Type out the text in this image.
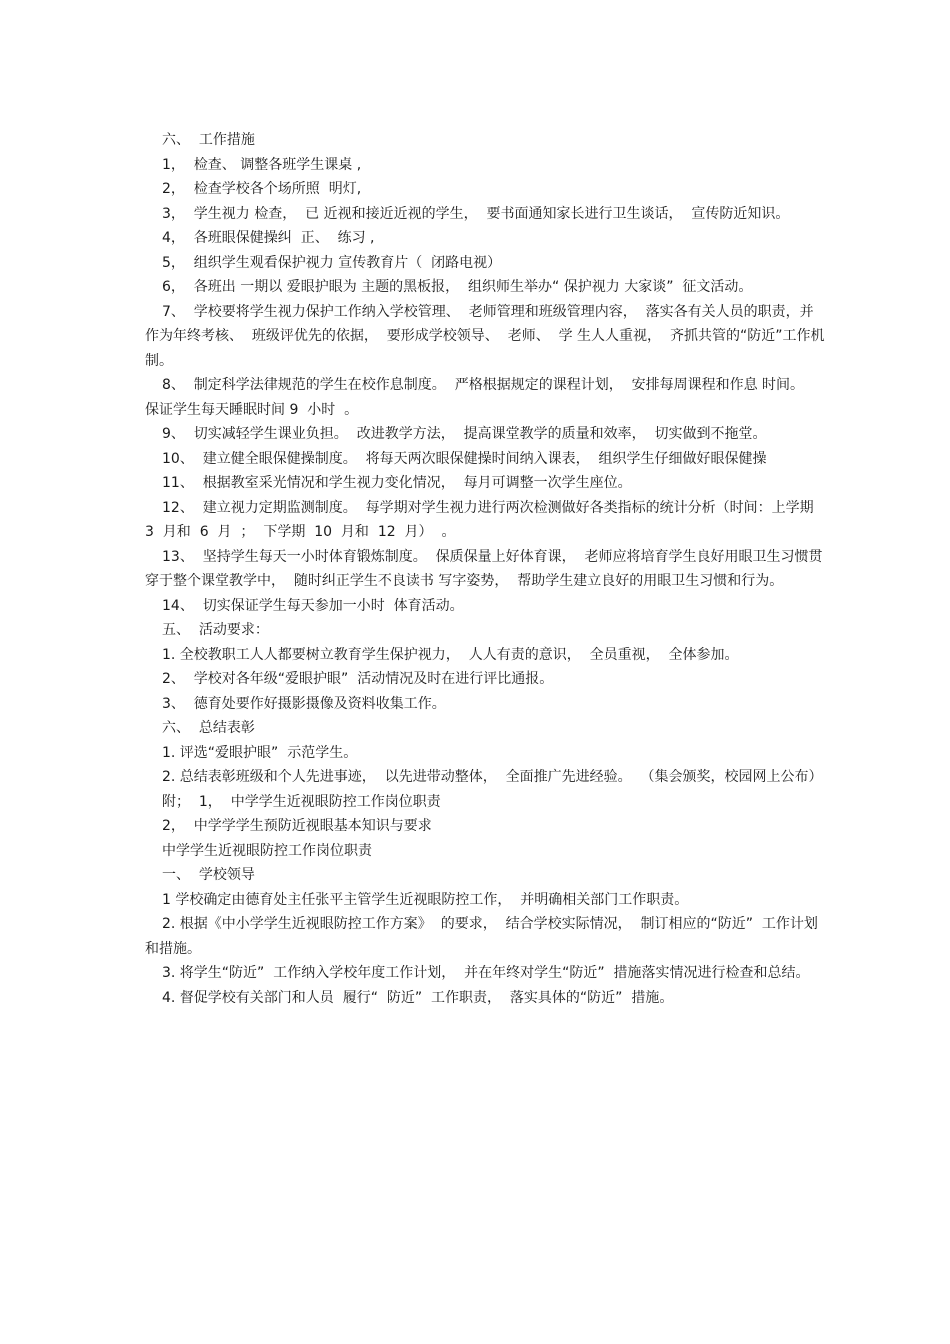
六、  工作措施

1，  检查、 调整各班学生课桌 ,

2，  检查学校各个场所照  明灯,

3，  学生视力 检查，  已 近视和接近近视的学生，  要书面通知家长进行卫生谈话，  宣传防近知识。

4，  各班眼保健操纠  正、  练习 ,

5，  组织学生观看保护视力 宣传教育片（  闭路电视）

6，  各班出 一期以 爱眼护眼为 主题的黑板报，  组织师生举办“ 保护视力 大家谈”  征文活动。

7、  学校要将学生视力保护工作纳入学校管理、  老师管理和班级管理内容，  落实各有关人员的职责，并作为年终考核、  班级评优先的依据，  要形成学校领导、  老师、  学 生人人重视，  齐抓共管的“防近”工作机制。

8、  制定科学法律规范的学生在校作息制度。  严格根据规定的课程计划，  安排每周课程和作息 时间。  保证学生每天睡眠时间 9  小时  。

9、  切实减轻学生课业负担。  改进教学方法，  提高课堂教学的质量和效率，  切实做到不拖堂。

10、  建立健全眼保健操制度。  将每天两次眼保健操时间纳入课表，  组织学生仔细做好眼保健操

11、  根据教室采光情况和学生视力变化情况，  每月可调整一次学生座位。

12、  建立视力定期监测制度。  每学期对学生视力进行两次检测做好各类指标的统计分析（时间：上学期  3  月和  6  月  ；  下学期  10  月和  12  月）  。

13、  坚持学生每天一小时体育锻炼制度。  保质保量上好体育课，  老师应将培育学生良好用眼卫生习惯贯穿于整个课堂教学中，  随时纠正学生不良读书 写字姿势，  帮助学生建立良好的用眼卫生习惯和行为。

14、  切实保证学生每天参加一小时  体育活动。

五、  活动要求：

1. 全校教职工人人都要树立教育学生保护视力，  人人有责的意识，  全员重视，  全体参加。

2、  学校对各年级“爱眼护眼”  活动情况及时在进行评比通报。

3、  德育处要作好摄影摄像及资料收集工作。

六、  总结表彰

1. 评选“爱眼护眼”  示范学生。

2. 总结表彰班级和个人先进事迹，  以先进带动整体，  全面推广先进经验。  （集会颁奖，校园网上公布）

附；  1，  中学学生近视眼防控工作岗位职责

2，  中学学学生预防近视眼基本知识与要求

中学学生近视眼防控工作岗位职责

一、  学校领导

1 学校确定由德育处主任张平主管学生近视眼防控工作，  并明确相关部门工作职责。

2. 根据《中小学学生近视眼防控工作方案》  的要求，  结合学校实际情况，  制订相应的“防近”  工作计划和措施。

3. 将学生“防近”  工作纳入学校年度工作计划，  并在年终对学生“防近”  措施落实情况进行检查和总结。

4. 督促学校有关部门和人员  履行“  防近”  工作职责，  落实具体的“防近”  措施。
